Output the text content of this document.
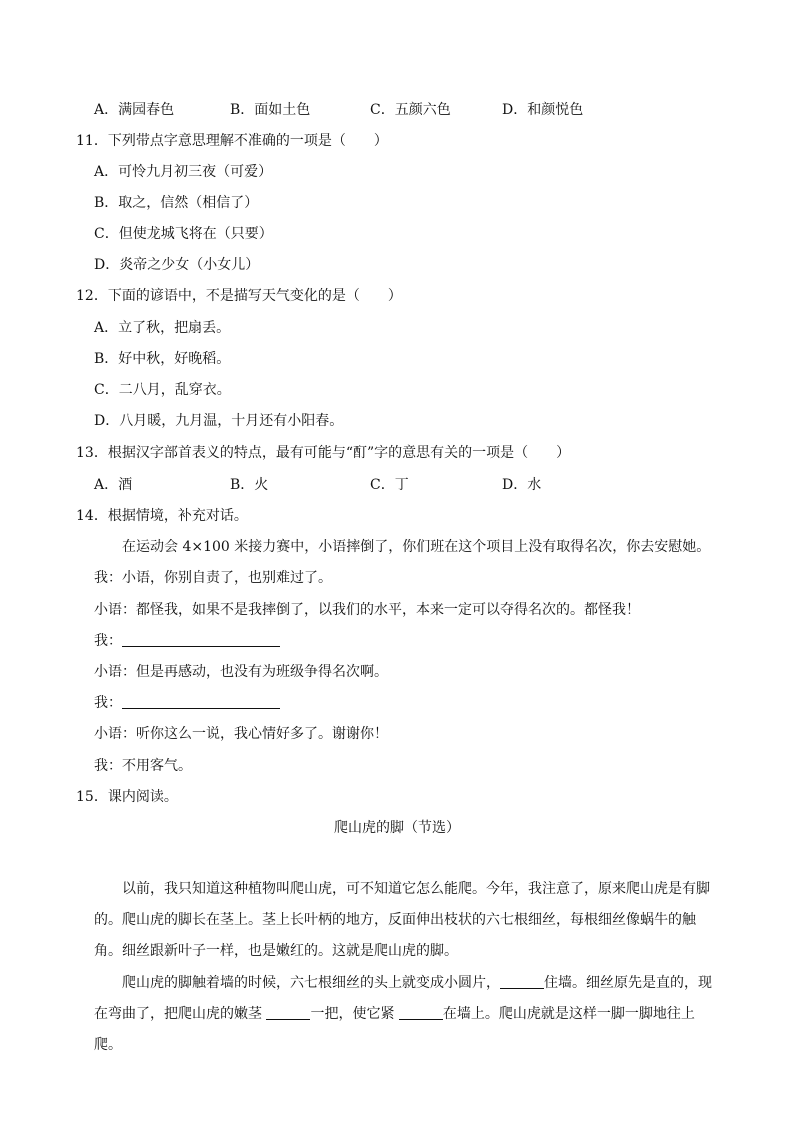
A．满园春色	B．面如土色	C．五颜六色	D．和颜悦色
11．下列带点字意思理解不准确的一项是（　　）
A．可怜九月初三夜（可爱）
B．取之，信然（相信了）
C．但使龙城飞将在（只要）
D．炎帝之少女（小女儿）
12．下面的谚语中，不是描写天气变化的是（　　）
A．立了秋，把扇丢。
B．好中秋，好晚稻。
C．二八月，乱穿衣。
D．八月暖，九月温，十月还有小阳春。
13．根据汉字部首表义的特点，最有可能与“酊”字的意思有关的一项是（　　）
A．酒	B．火	C．丁	D．水
14．根据情境，补充对话。
在运动会 4×100 米接力赛中，小语摔倒了，你们班在这个项目上没有取得名次，你去安慰她。
我：小语，你别自责了，也别难过了。
小语：都怪我，如果不是我摔倒了，以我们的水平，本来一定可以夺得名次的。都怪我！
我：
小语：但是再感动，也没有为班级争得名次啊。
我：
小语：听你这么一说，我心情好多了。谢谢你！
我：不用客气。
15．课内阅读。
爬山虎的脚（节选）
以前，我只知道这种植物叫爬山虎，可不知道它怎么能爬。今年，我注意了，原来爬山虎是有脚的。爬山虎的脚长在茎上。茎上长叶柄的地方，反面伸出枝状的六七根细丝，每根细丝像蜗牛的触角。细丝跟新叶子一样，也是嫩红的。这就是爬山虎的脚。
爬山虎的脚触着墙的时候，六七根细丝的头上就变成小圆片，	住墙。细丝原先是直的，现在弯曲了，把爬山虎的嫩茎	一把，使它紧	在墙上。爬山虎就是这样一脚一脚地往上爬。
